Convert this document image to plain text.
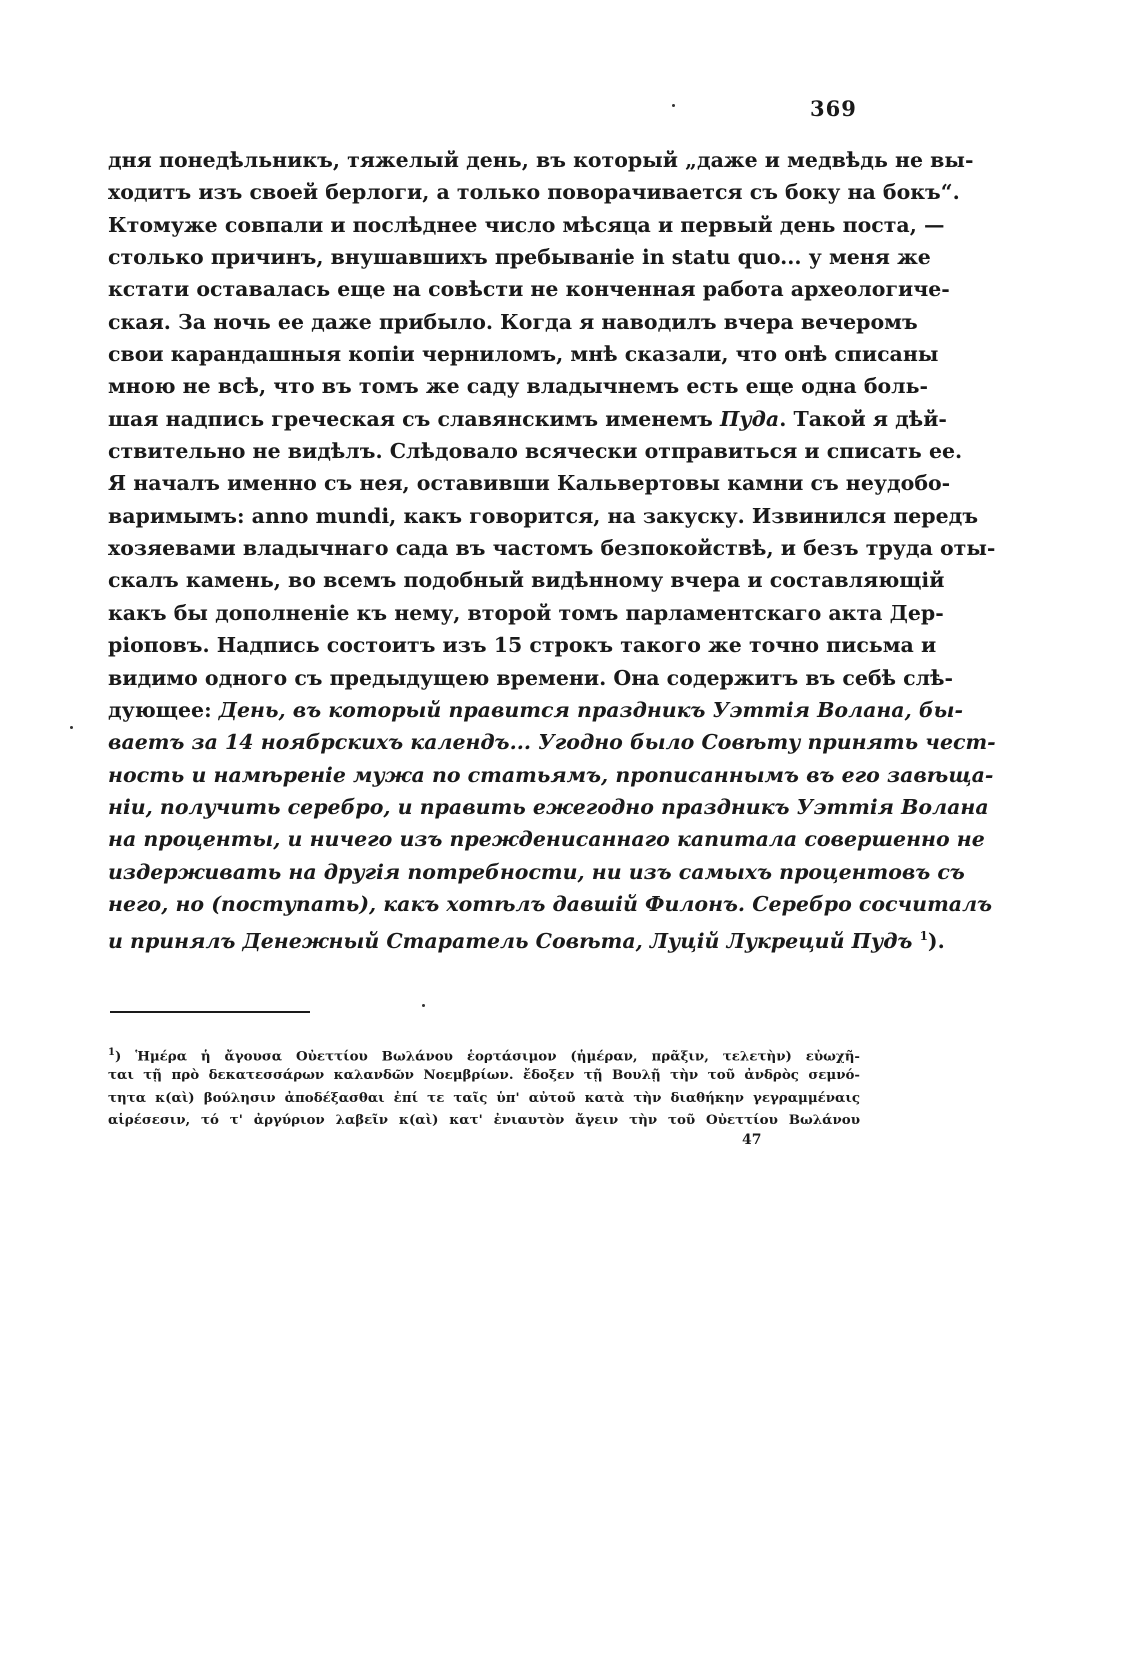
369
дня понедѣльникъ, тяжелый день, въ который „даже и медвѣдь не вы-
ходитъ изъ своей берлоги, а только поворачивается съ боку на бокъ“.
Ктомуже совпали и послѣднее число мѣсяца и первый день поста, —
столько причинъ, внушавшихъ пребываніе in statu quo... у меня же
кстати оставалась еще на совѣсти не конченная работа археологиче-
ская. За ночь ее даже прибыло. Когда я наводилъ вчера вечеромъ
свои карандашныя копіи черниломъ, мнѣ сказали, что онѣ списаны
мною не всѣ, что въ томъ же саду владычнемъ есть еще одна боль-
шая надпись греческая съ славянскимъ именемъ Пуда. Такой я дѣй-
ствительно не видѣлъ. Слѣдовало всячески отправиться и списать ее.
Я началъ именно съ нея, оставивши Кальвертовы камни съ неудобо-
варимымъ: anno mundi, какъ говорится, на закуску. Извинился передъ
хозяевами владычнаго сада въ частомъ безпокойствѣ, и безъ труда оты-
скалъ камень, во всемъ подобный видѣнному вчера и составляющій
какъ бы дополненіе къ нему, второй томъ парламентскаго акта Дер-
ріоповъ. Надпись состоитъ изъ 15 строкъ такого же точно письма и
видимо одного съ предыдущею времени. Она содержитъ въ себѣ слѣ-
дующее: День, въ который правится праздникъ Уэттія Волана, бы-
ваетъ за 14 ноябрскихъ календъ... Угодно было Совѣту принять чест-
ность и намѣреніе мужа по статьямъ, прописаннымъ въ его завѣща-
ніи, получить серебро, и править ежегодно праздникъ Уэттія Волана
на проценты, и ничего изъ прежденисаннаго капитала совершенно не
издерживать на другія потребности, ни изъ самыхъ процентовъ съ
него, но (поступать), какъ хотѣлъ давшій Филонъ. Серебро сосчиталъ
и принялъ Денежный Старатель Совѣта, Луцій Лукреций Пудъ $^1$).
$^1$) Ἡμέρα ἡ ἄγουσα Οὐεττίου Βωλάνου ἑορτάσιμον (ἡμέραν, πρᾶξιν, τελετὴν) εὐωχῆ-
ται τῇ πρὸ δεκατεσσάρων καλανδῶν Νοεμβρίων. ἔδοξεν τῇ Βουλῇ τὴν τοῦ ἀνδρὸς σεμνό-
τητα κ(αὶ) βούλησιν ἀποδέξασθαι ἐπί τε ταῖς ὑπ' αὐτοῦ κατὰ τὴν διαθήκην γεγραμμέναις
αἱρέσεσιν, τό τ' ἀργύριον λαβεῖν κ(αὶ) κατ' ἐνιαυτὸν ἄγειν τὴν τοῦ Οὐεττίου Βωλάνου
47
